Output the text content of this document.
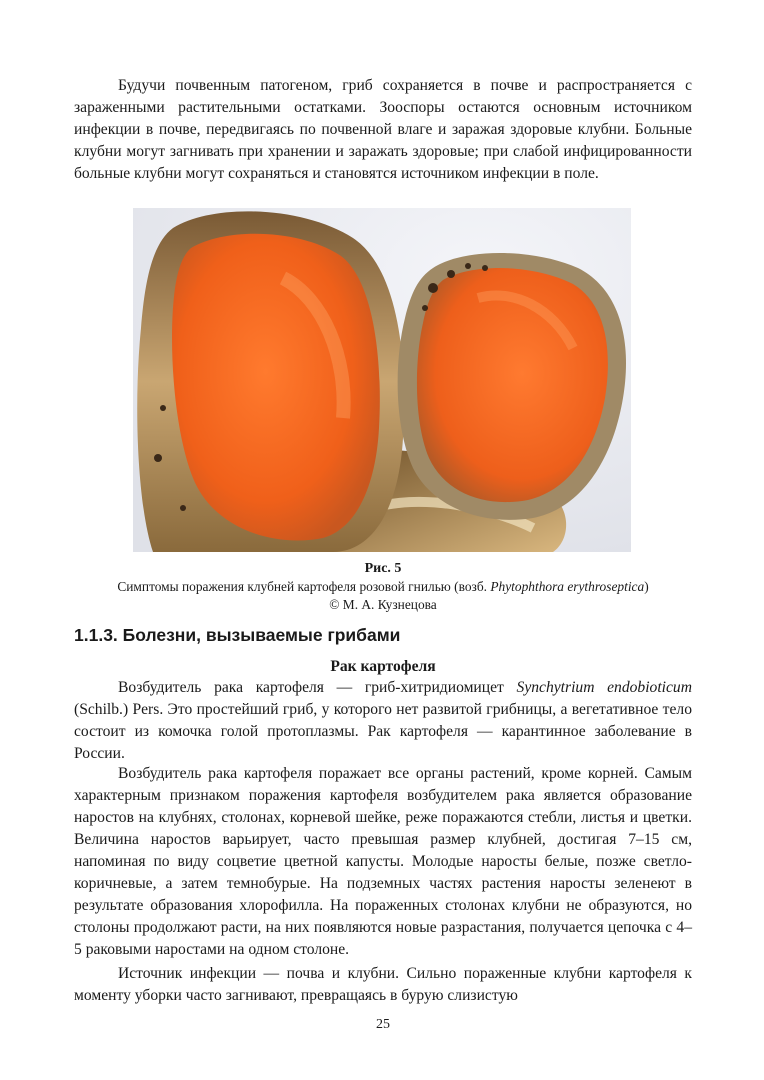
Будучи почвенным патогеном, гриб сохраняется в почве и распространяется с зараженными растительными остатками. Зооспоры остаются основным источником инфекции в почве, передвигаясь по почвенной влаге и заражая здоровые клубни. Больные клубни могут загнивать при хранении и заражать здоровые; при слабой инфицированности больные клубни могут сохраняться и становятся источником инфекции в поле.

Рис. 5

Симптомы поражения клубней картофеля розовой гнилью (возб. Phytophthora erythroseptica)
© М. А. Кузнецова

1.1.3. Болезни, вызываемые грибами
Рак картофеля

Возбудитель рака картофеля — гриб-хитридиомицет Synchytrium endobioticum (Schilb.) Pers. Это простейший гриб, у которого нет развитой грибницы, а вегетативное тело состоит из комочка голой протоплазмы. Рак картофеля — карантинное заболевание в России.

Возбудитель рака картофеля поражает все органы растений, кроме корней. Самым характерным признаком поражения картофеля возбудителем рака является образование наростов на клубнях, столонах, корневой шейке, реже поражаются стебли, листья и цветки. Величина наростов варьирует, часто превышая размер клубней, достигая 7–15 см, напоминая по виду соцветие цветной капусты. Молодые наросты белые, позже светло-коричневые, а затем темнобурые. На подземных частях растения наросты зеленеют в результате образования хлорофилла. На пораженных столонах клубни не образуются, но столоны продолжают расти, на них появляются новые разрастания, получается цепочка с 4–5 раковыми наростами на одном столоне.

Источник инфекции — почва и клубни. Сильно пораженные клубни картофеля к моменту уборки часто загнивают, превращаясь в бурую слизистую

25
